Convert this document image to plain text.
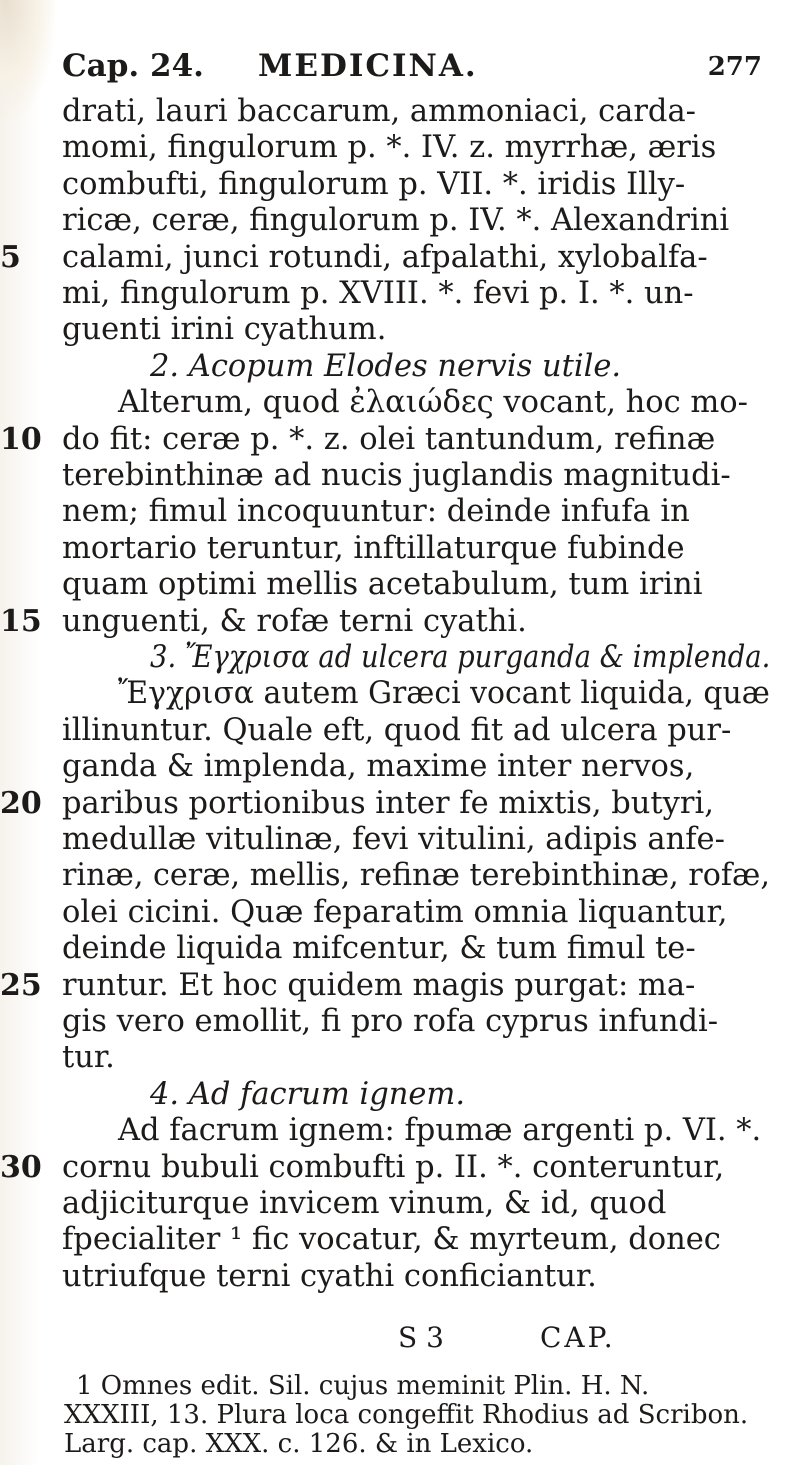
Cap. 24. MEDICINA.	277
drati, lauri baccarum, ammoniaci, carda-
momi, fingulorum p. *. IV. z. myrrhæ, æris
combufti, fingulorum p. VII. *. iridis Illy-
ricæ, ceræ, fingulorum p. IV. *. Alexandrini
5 calami, junci rotundi, afpalathi, xylobalfa-
mi, fingulorum p. XVIII. *. fevi p. I. *. un-
guenti irini cyathum.
2. Acopum Elodes nervis utile.
Alterum, quod ἐλαιώδες vocant, hoc mo-
10 do fit: ceræ p. *. z. olei tantundum, refinæ
terebinthinæ ad nucis juglandis magnitudi-
nem; fimul incoquuntur: deinde infufa in
mortario teruntur, inftillaturque fubinde
quam optimi mellis acetabulum, tum irini
15 unguenti, & rofæ terni cyathi.
3. Ἔγχρισα ad ulcera purganda & implenda.
Ἔγχρισα autem Græci vocant liquida, quæ
illinuntur. Quale eft, quod fit ad ulcera pur-
ganda & implenda, maxime inter nervos,
20 paribus portionibus inter fe mixtis, butyri,
medullæ vitulinæ, fevi vitulini, adipis anfe-
rinæ, ceræ, mellis, refinæ terebinthinæ, rofæ,
olei cicini. Quæ feparatim omnia liquantur,
deinde liquida mifcentur, & tum fimul te-
25 runtur. Et hoc quidem magis purgat: ma-
gis vero emollit, fi pro rofa cyprus infundi-
tur.
4. Ad facrum ignem.
Ad facrum ignem: fpumæ argenti p. VI. *.
30 cornu bubuli combufti p. II. *. conteruntur,
adjiciturque invicem vinum, & id, quod
fpecialiter ¹ fic vocatur, & myrteum, donec
utriufque terni cyathi conficiantur.
S 3	CAP.
1 Omnes edit. Sil. cujus meminit Plin. H. N.
XXXIII, 13. Plura loca congeffit Rhodius ad Scribon.
Larg. cap. XXX. c. 126. & in Lexico.
